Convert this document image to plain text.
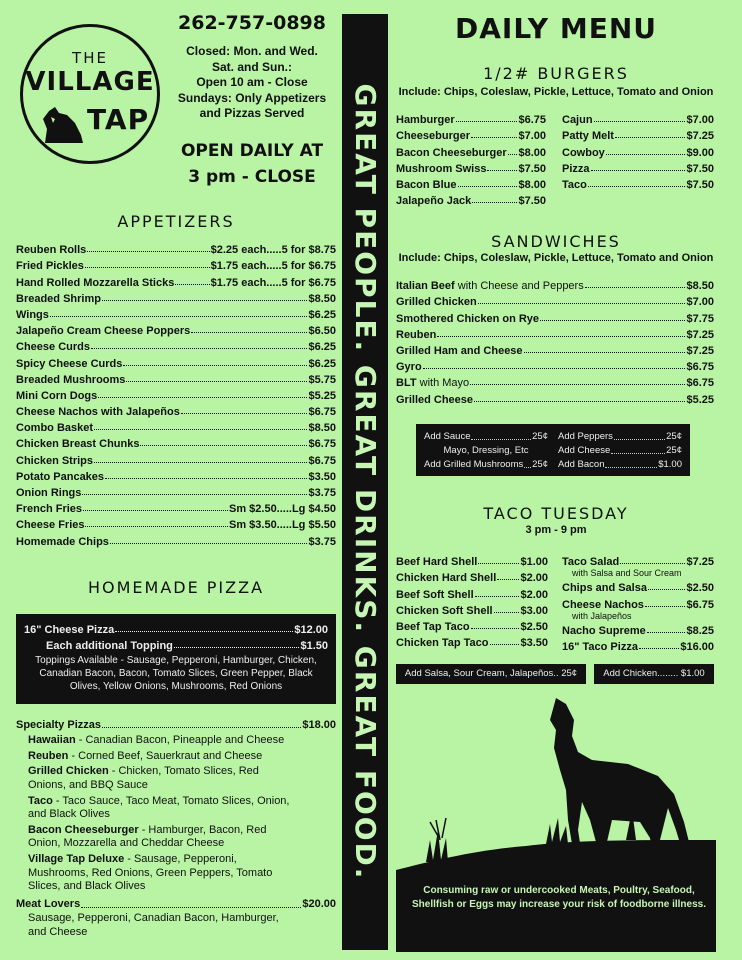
THE
VILLAGE
TAP
262-757-0898
Closed: Mon. and Wed.
Sat. and Sun.:
Open 10 am - Close
Sundays: Only Appetizers
and Pizzas Served
OPEN DAILY AT
3 pm - CLOSE
APPETIZERS
Reuben Rolls	$2.25 each.....5 for $8.75
Fried Pickles	$1.75 each.....5 for $6.75
Hand Rolled Mozzarella Sticks	$1.75 each.....5 for $6.75
Breaded Shrimp	$8.50
Wings	$6.25
Jalapeño Cream Cheese Poppers	$6.50
Cheese Curds	$6.25
Spicy Cheese Curds	$6.25
Breaded Mushrooms	$5.75
Mini Corn Dogs	$5.25
Cheese Nachos with Jalapeños	$6.75
Combo Basket	$8.50
Chicken Breast Chunks	$6.75
Chicken Strips	$6.75
Potato Pancakes	$3.50
Onion Rings	$3.75
French Fries	Sm $2.50.....Lg $4.50
Cheese Fries	Sm $3.50.....Lg $5.50
Homemade Chips	$3.75
HOMEMADE PIZZA
16" Cheese Pizza	$12.00
Each additional Topping	$1.50
Toppings Available - Sausage, Pepperoni, Hamburger, Chicken, Canadian Bacon, Bacon, Tomato Slices, Green Pepper, Black Olives, Yellow Onions, Mushrooms, Red Onions
Specialty Pizzas	$18.00
Hawaiian - Canadian Bacon, Pineapple and Cheese
Reuben - Corned Beef, Sauerkraut and Cheese
Grilled Chicken - Chicken, Tomato Slices, Red Onions, and BBQ Sauce
Taco - Taco Sauce, Taco Meat, Tomato Slices, Onion, and Black Olives
Bacon Cheeseburger - Hamburger, Bacon, Red Onion, Mozzarella and Cheddar Cheese
Village Tap Deluxe - Sausage, Pepperoni, Mushrooms, Red Onions, Green Peppers, Tomato Slices, and Black Olives
Meat Lovers	$20.00
Sausage, Pepperoni, Canadian Bacon, Hamburger, and Cheese
GREAT PEOPLE. GREAT DRINKS. GREAT FOOD.
DAILY MENU
1/2# BURGERS
Include: Chips, Coleslaw, Pickle, Lettuce, Tomato and Onion
Hamburger	$6.75
Cheeseburger	$7.00
Bacon Cheeseburger $8.00
Mushroom Swiss	$7.50
Bacon Blue	$8.00
Jalapeño Jack	$7.50
Cajun	$7.00
Patty Melt	$7.25
Cowboy	$9.00
Pizza	$7.50
Taco	$7.50
SANDWICHES
Include: Chips, Coleslaw, Pickle, Lettuce, Tomato and Onion
Italian Beef with Cheese and Peppers	$8.50
Grilled Chicken	$7.00
Smothered Chicken on Rye	$7.75
Reuben	$7.25
Grilled Ham and Cheese	$7.25
Gyro	$6.75
BLT with Mayo	$6.75
Grilled Cheese	$5.25
Add Sauce	25¢
Mayo, Dressing, Etc
Add Grilled Mushrooms 25¢
Add Peppers	25¢
Add Cheese	25¢
Add Bacon	$1.00
TACO TUESDAY
3 pm - 9 pm
Beef Hard Shell	$1.00
Chicken Hard Shell $2.00
Beef Soft Shell	$2.00
Chicken Soft Shell	$3.00
Beef Tap Taco	$2.50
Chicken Tap Taco	$3.50
Taco Salad	$7.25
with Salsa and Sour Cream
Chips and Salsa	$2.50
Cheese Nachos	$6.75
with Jalapeños
Nacho Supreme	$8.25
16" Taco Pizza	$16.00
Add Salsa, Sour Cream, Jalapeños.. 25¢	Add Chicken........ $1.00
Consuming raw or undercooked Meats, Poultry, Seafood, Shellfish or Eggs may increase your risk of foodborne illness.
